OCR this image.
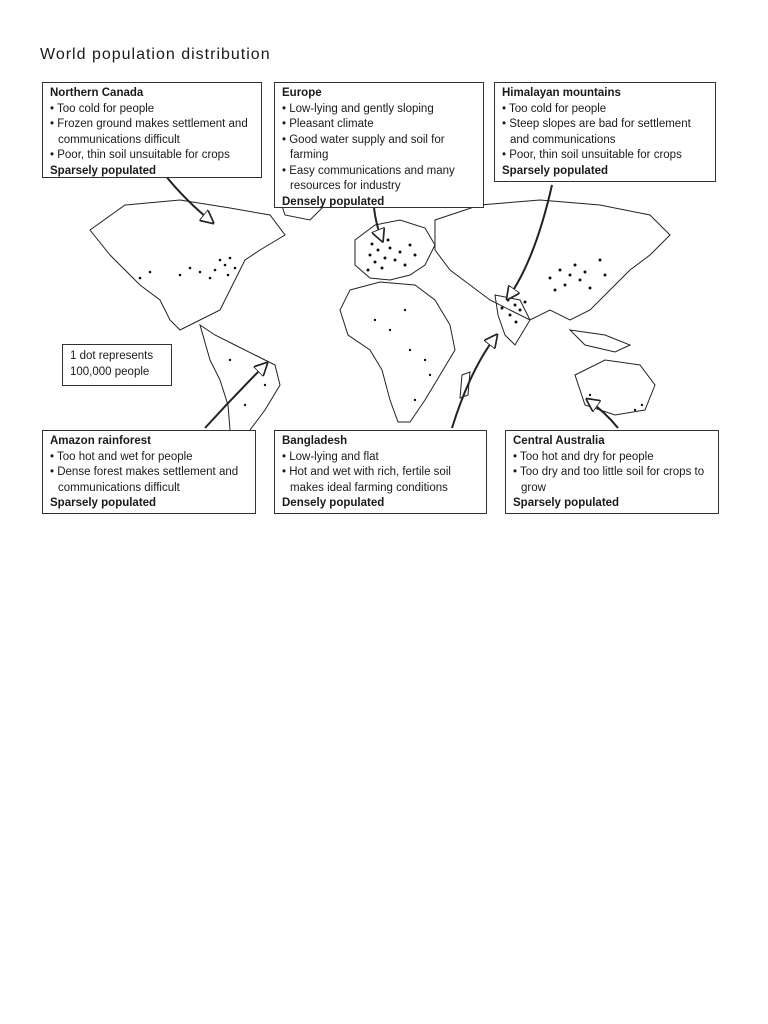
World population distribution
Northern Canada
• Too cold for people
• Frozen ground makes settlement and communications difficult
• Poor, thin soil unsuitable for crops
Sparsely populated
Europe
• Low-lying and gently sloping
• Pleasant climate
• Good water supply and soil for farming
• Easy communications and many resources for industry
Densely populated
Himalayan mountains
• Too cold for people
• Steep slopes are bad for settlement and communications
• Poor, thin soil unsuitable for crops
Sparsely populated
1 dot represents
100,000 people
Amazon rainforest
• Too hot and wet for people
• Dense forest makes settlement and communications difficult
Sparsely populated
Bangladesh
• Low-lying and flat
• Hot and wet with rich, fertile soil makes ideal farming conditions
Densely populated
Central Australia
• Too hot and dry for people
• Too dry and too little soil for crops to grow
Sparsely populated
